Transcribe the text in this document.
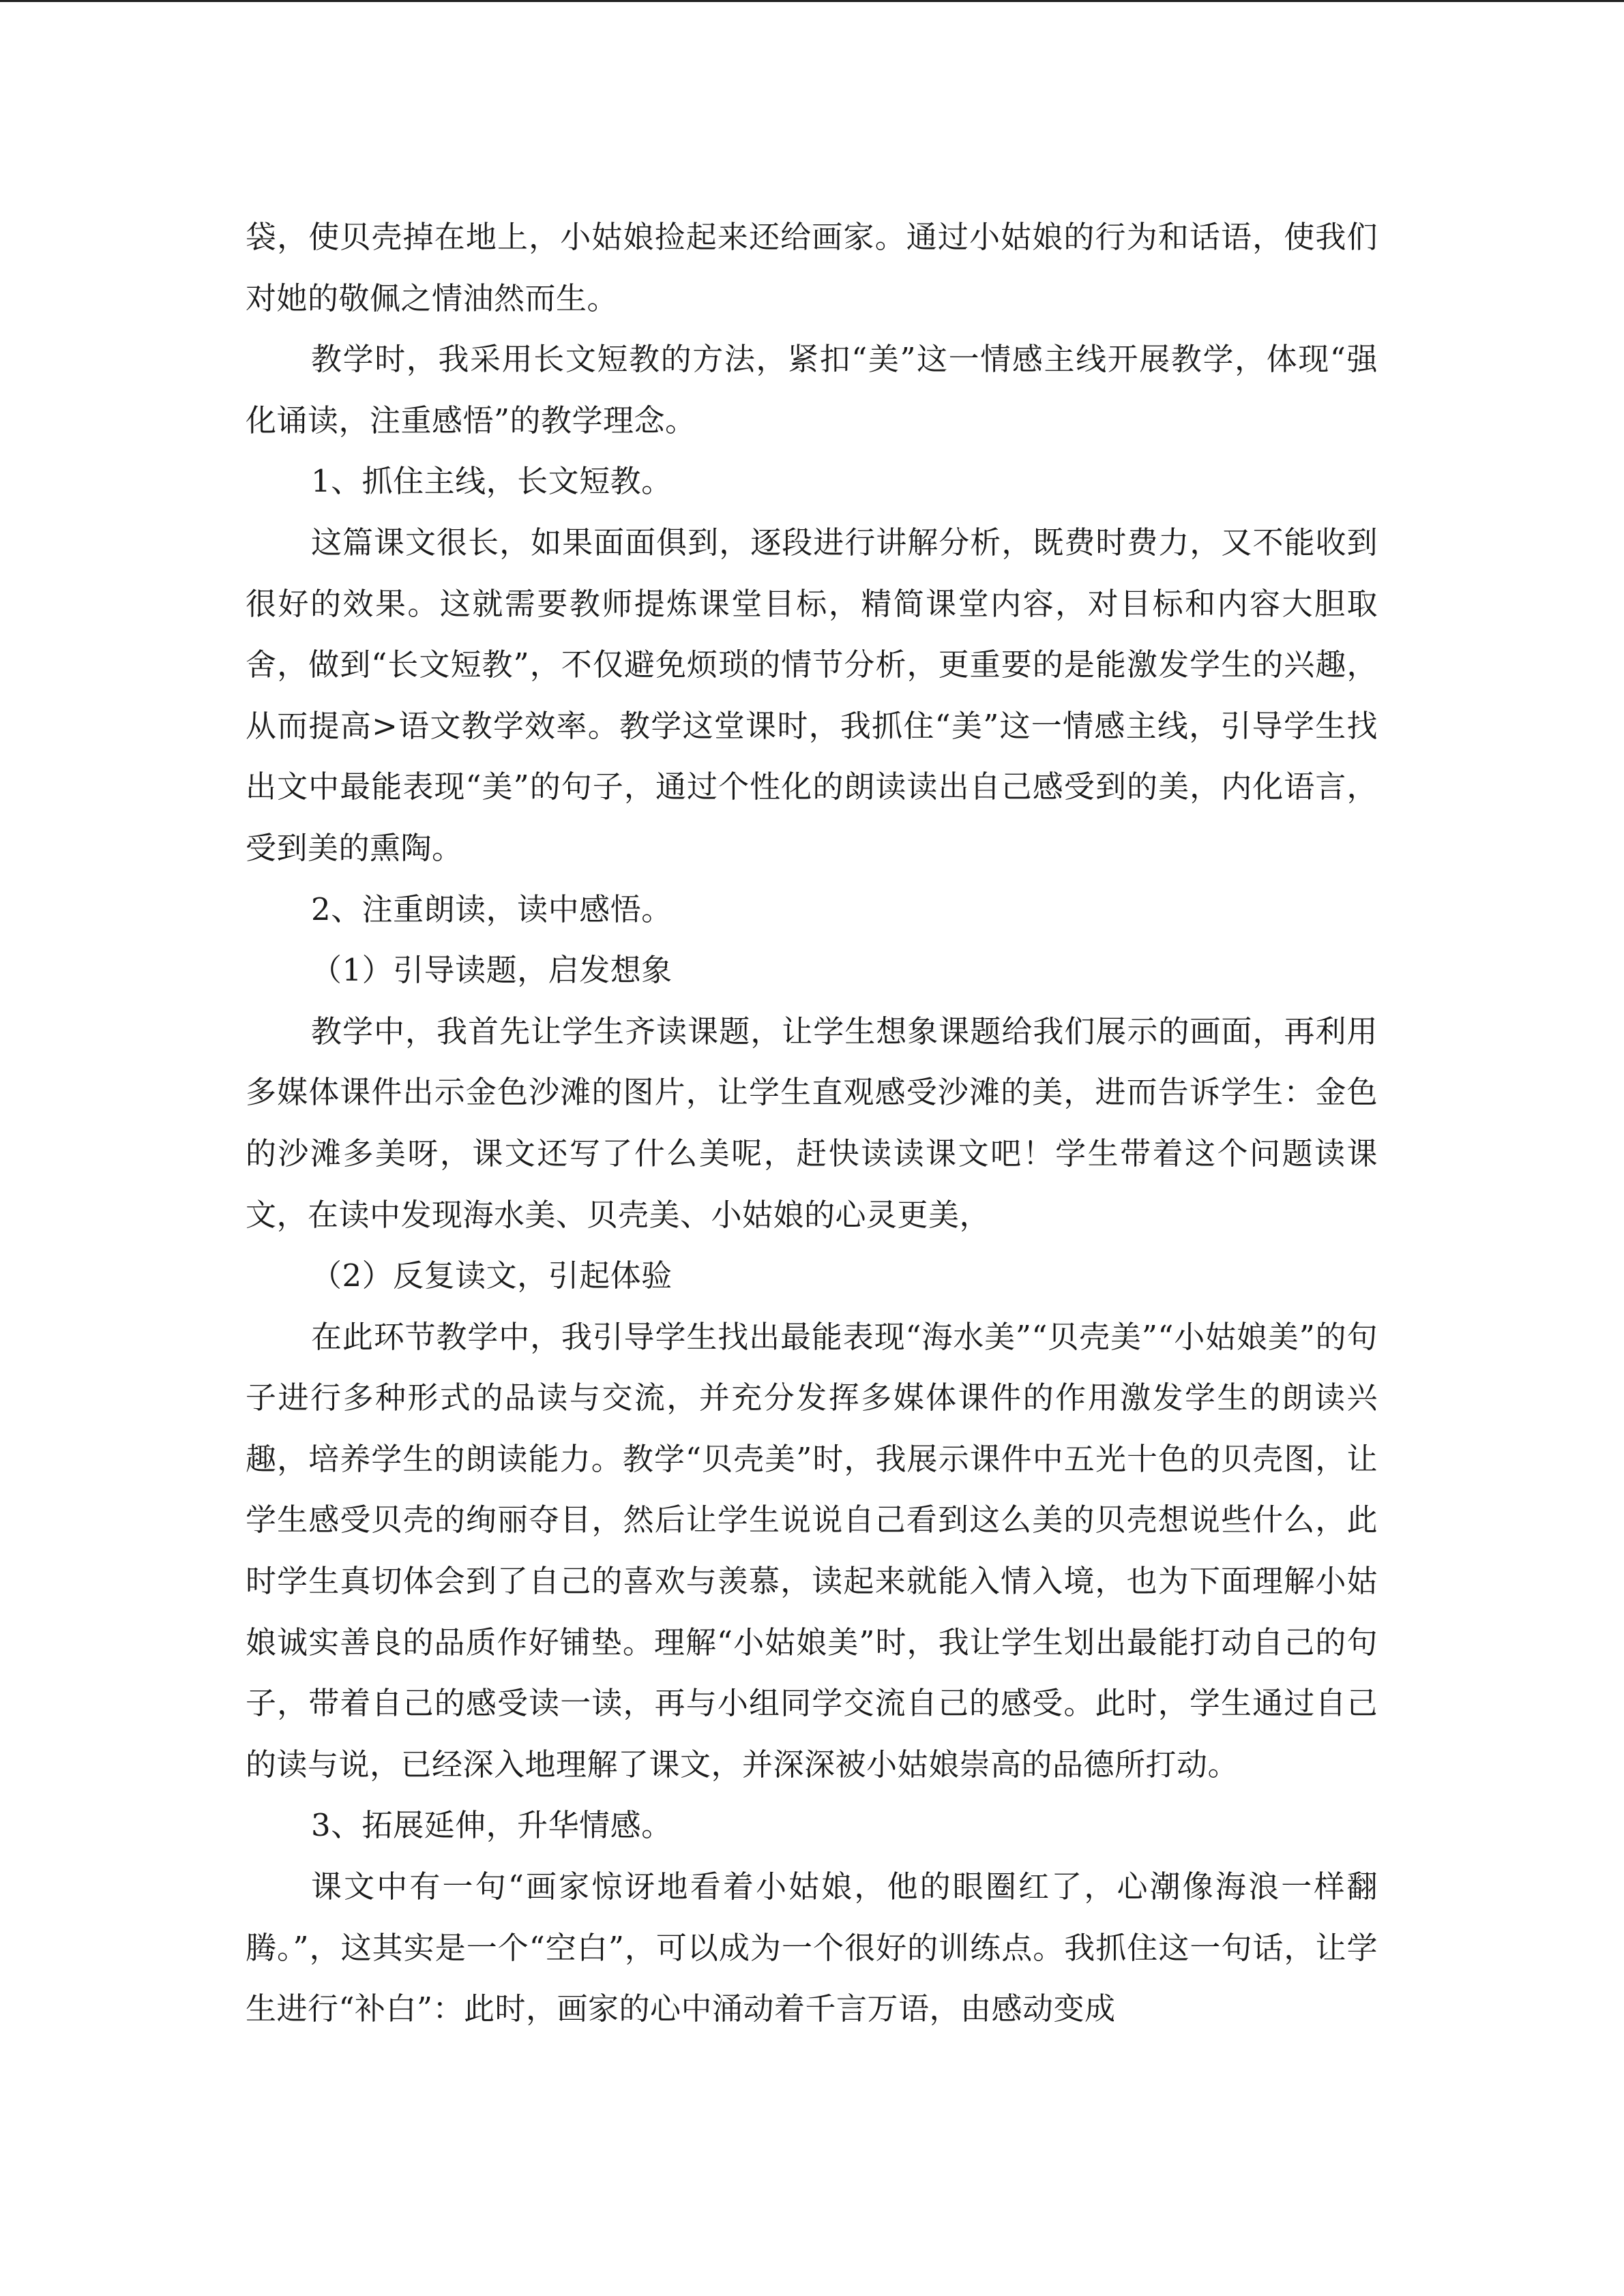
袋，使贝壳掉在地上，小姑娘捡起来还给画家。通过小姑娘的行为和话语，使我们对她的敬佩之情油然而生。

教学时，我采用长文短教的方法，紧扣“美”这一情感主线开展教学，体现“强化诵读，注重感悟”的教学理念。

1、抓住主线，长文短教。

这篇课文很长，如果面面俱到，逐段进行讲解分析，既费时费力，又不能收到很好的效果。这就需要教师提炼课堂目标，精简课堂内容，对目标和内容大胆取舍，做到“长文短教”，不仅避免烦琐的情节分析，更重要的是能激发学生的兴趣，从而提高>语文教学效率。教学这堂课时，我抓住“美”这一情感主线，引导学生找出文中最能表现“美”的句子，通过个性化的朗读读出自己感受到的美，内化语言，受到美的熏陶。

2、注重朗读，读中感悟。

（1）引导读题，启发想象

教学中，我首先让学生齐读课题，让学生想象课题给我们展示的画面，再利用多媒体课件出示金色沙滩的图片，让学生直观感受沙滩的美，进而告诉学生：金色的沙滩多美呀，课文还写了什么美呢，赶快读读课文吧！学生带着这个问题读课文，在读中发现海水美、贝壳美、小姑娘的心灵更美，

（2）反复读文，引起体验

在此环节教学中，我引导学生找出最能表现“海水美”“贝壳美”“小姑娘美”的句子进行多种形式的品读与交流，并充分发挥多媒体课件的作用激发学生的朗读兴趣，培养学生的朗读能力。教学“贝壳美”时，我展示课件中五光十色的贝壳图，让学生感受贝壳的绚丽夺目，然后让学生说说自己看到这么美的贝壳想说些什么，此时学生真切体会到了自己的喜欢与羡慕，读起来就能入情入境，也为下面理解小姑娘诚实善良的品质作好铺垫。理解“小姑娘美”时，我让学生划出最能打动自己的句子，带着自己的感受读一读，再与小组同学交流自己的感受。此时，学生通过自己的读与说，已经深入地理解了课文，并深深被小姑娘崇高的品德所打动。

3、拓展延伸，升华情感。

课文中有一句“画家惊讶地看着小姑娘，他的眼圈红了，心潮像海浪一样翻腾。”，这其实是一个“空白”，可以成为一个很好的训练点。我抓住这一句话，让学生进行“补白”：此时，画家的心中涌动着千言万语，由感动变成
